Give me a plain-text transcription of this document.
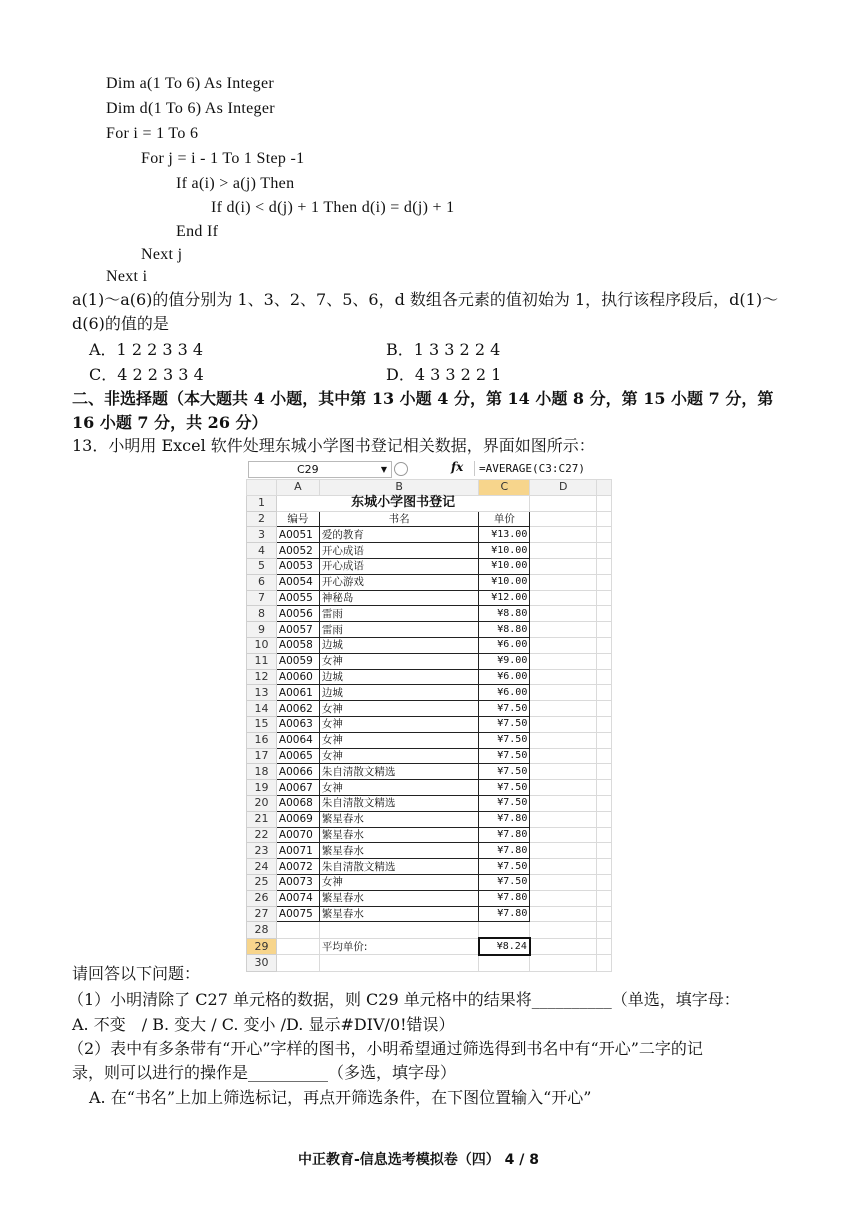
Dim a(1 To 6) As Integer
Dim d(1 To 6) As Integer
For i = 1 To 6
For j = i - 1 To 1 Step -1
If a(i) > a(j) Then
If d(i) < d(j) + 1 Then d(i) = d(j) + 1
End If
Next j
Next i
a(1)～a(6)的值分别为 1、3、2、7、5、6，d 数组各元素的值初始为 1，执行该程序段后，d(1)～
d(6)的值的是
A．1 2 2 3 3 4	B．1 3 3 2 2 4
C．4 2 2 3 3 4	D．4 3 3 2 2 1
二、非选择题（本大题共 4 小题，其中第 13 小题 4 分，第 14 小题 8 分，第 15 小题 7 分，第
16 小题 7 分，共 26 分）
13．小明用 Excel 软件处理东城小学图书登记相关数据，界面如图所示：
C29	▼	fx	=AVERAGE(C3:C27)
	A	B	C	D	
1	东城小学图书登记				
2	编号	书名	单价		
3	A0051	爱的教育	¥13.00		
4	A0052	开心成语	¥10.00		
5	A0053	开心成语	¥10.00		
6	A0054	开心游戏	¥10.00		
7	A0055	神秘岛	¥12.00		
8	A0056	雷雨	¥8.80		
9	A0057	雷雨	¥8.80		
10	A0058	边城	¥6.00		
11	A0059	女神	¥9.00		
12	A0060	边城	¥6.00		
13	A0061	边城	¥6.00		
14	A0062	女神	¥7.50		
15	A0063	女神	¥7.50		
16	A0064	女神	¥7.50		
17	A0065	女神	¥7.50		
18	A0066	朱自清散文精选	¥7.50		
19	A0067	女神	¥7.50		
20	A0068	朱自清散文精选	¥7.50		
21	A0069	繁星春水	¥7.80		
22	A0070	繁星春水	¥7.80		
23	A0071	繁星春水	¥7.80		
24	A0072	朱自清散文精选	¥7.50		
25	A0073	女神	¥7.50		
26	A0074	繁星春水	¥7.80		
27	A0075	繁星春水	¥7.80		
28					
29		平均单价:	¥8.24		
30					
请回答以下问题：
（1）小明清除了 C27 单元格的数据，则 C29 单元格中的结果将__________（单选，填字母：
A. 不变　/ B. 变大 / C. 变小 /D. 显示#DIV/0!错误）
（2）表中有多条带有“开心”字样的图书，小明希望通过筛选得到书名中有“开心”二字的记
录，则可以进行的操作是__________（多选，填字母）
A. 在“书名”上加上筛选标记，再点开筛选条件，在下图位置输入“开心”
中正教育-信息选考模拟卷（四） 4 / 8
